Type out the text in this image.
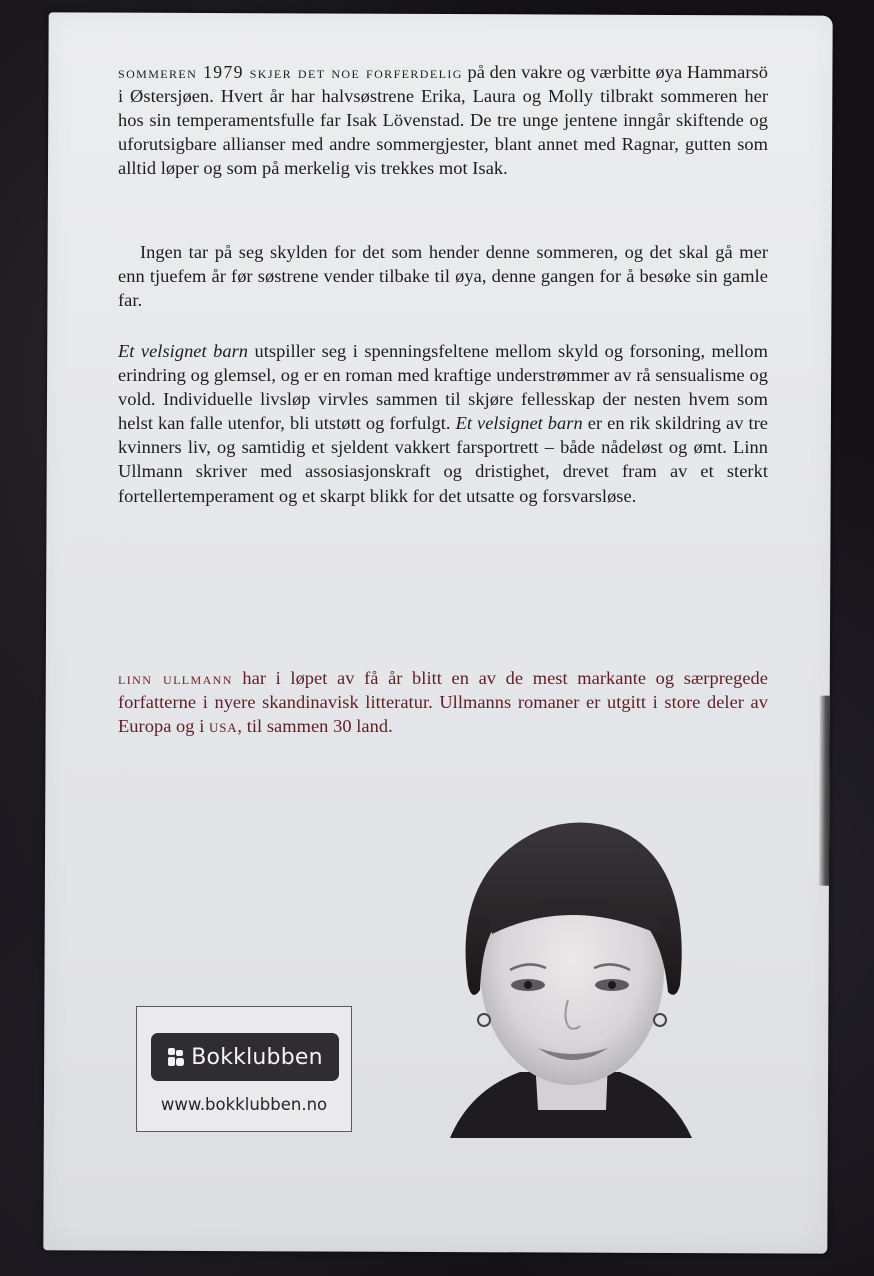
sommeren 1979 skjer det noe forferdelig på den vakre og værbitte øya Hammarsö i Østersjøen. Hvert år har halvsøstrene Erika, Laura og Molly tilbrakt sommeren her hos sin temperamentsfulle far Isak Lövenstad. De tre unge jentene inngår skiftende og uforutsigbare allianser med andre sommergjester, blant annet med Ragnar, gutten som alltid løper og som på merkelig vis trekkes mot Isak.
Ingen tar på seg skylden for det som hender denne sommeren, og det skal gå mer enn tjuefem år før søstrene vender tilbake til øya, denne gangen for å besøke sin gamle far.
Et velsignet barn utspiller seg i spenningsfeltene mellom skyld og forsoning, mellom erindring og glemsel, og er en roman med kraftige understrømmer av rå sensualisme og vold. Individuelle livsløp virvles sammen til skjøre fellesskap der nesten hvem som helst kan falle utenfor, bli utstøtt og forfulgt. Et velsignet barn er en rik skildring av tre kvinners liv, og samtidig et sjeldent vakkert farsportrett – både nådeløst og ømt. Linn Ullmann skriver med assosiasjonskraft og dristighet, drevet fram av et sterkt fortellertemperament og et skarpt blikk for det utsatte og forsvarsløse.
linn ullmann har i løpet av få år blitt en av de mest markante og særpregede forfatterne i nyere skandinavisk litteratur. Ullmanns romaner er utgitt i store deler av Europa og i usa, til sammen 30 land.
Bokklubben
www.bokklubben.no
